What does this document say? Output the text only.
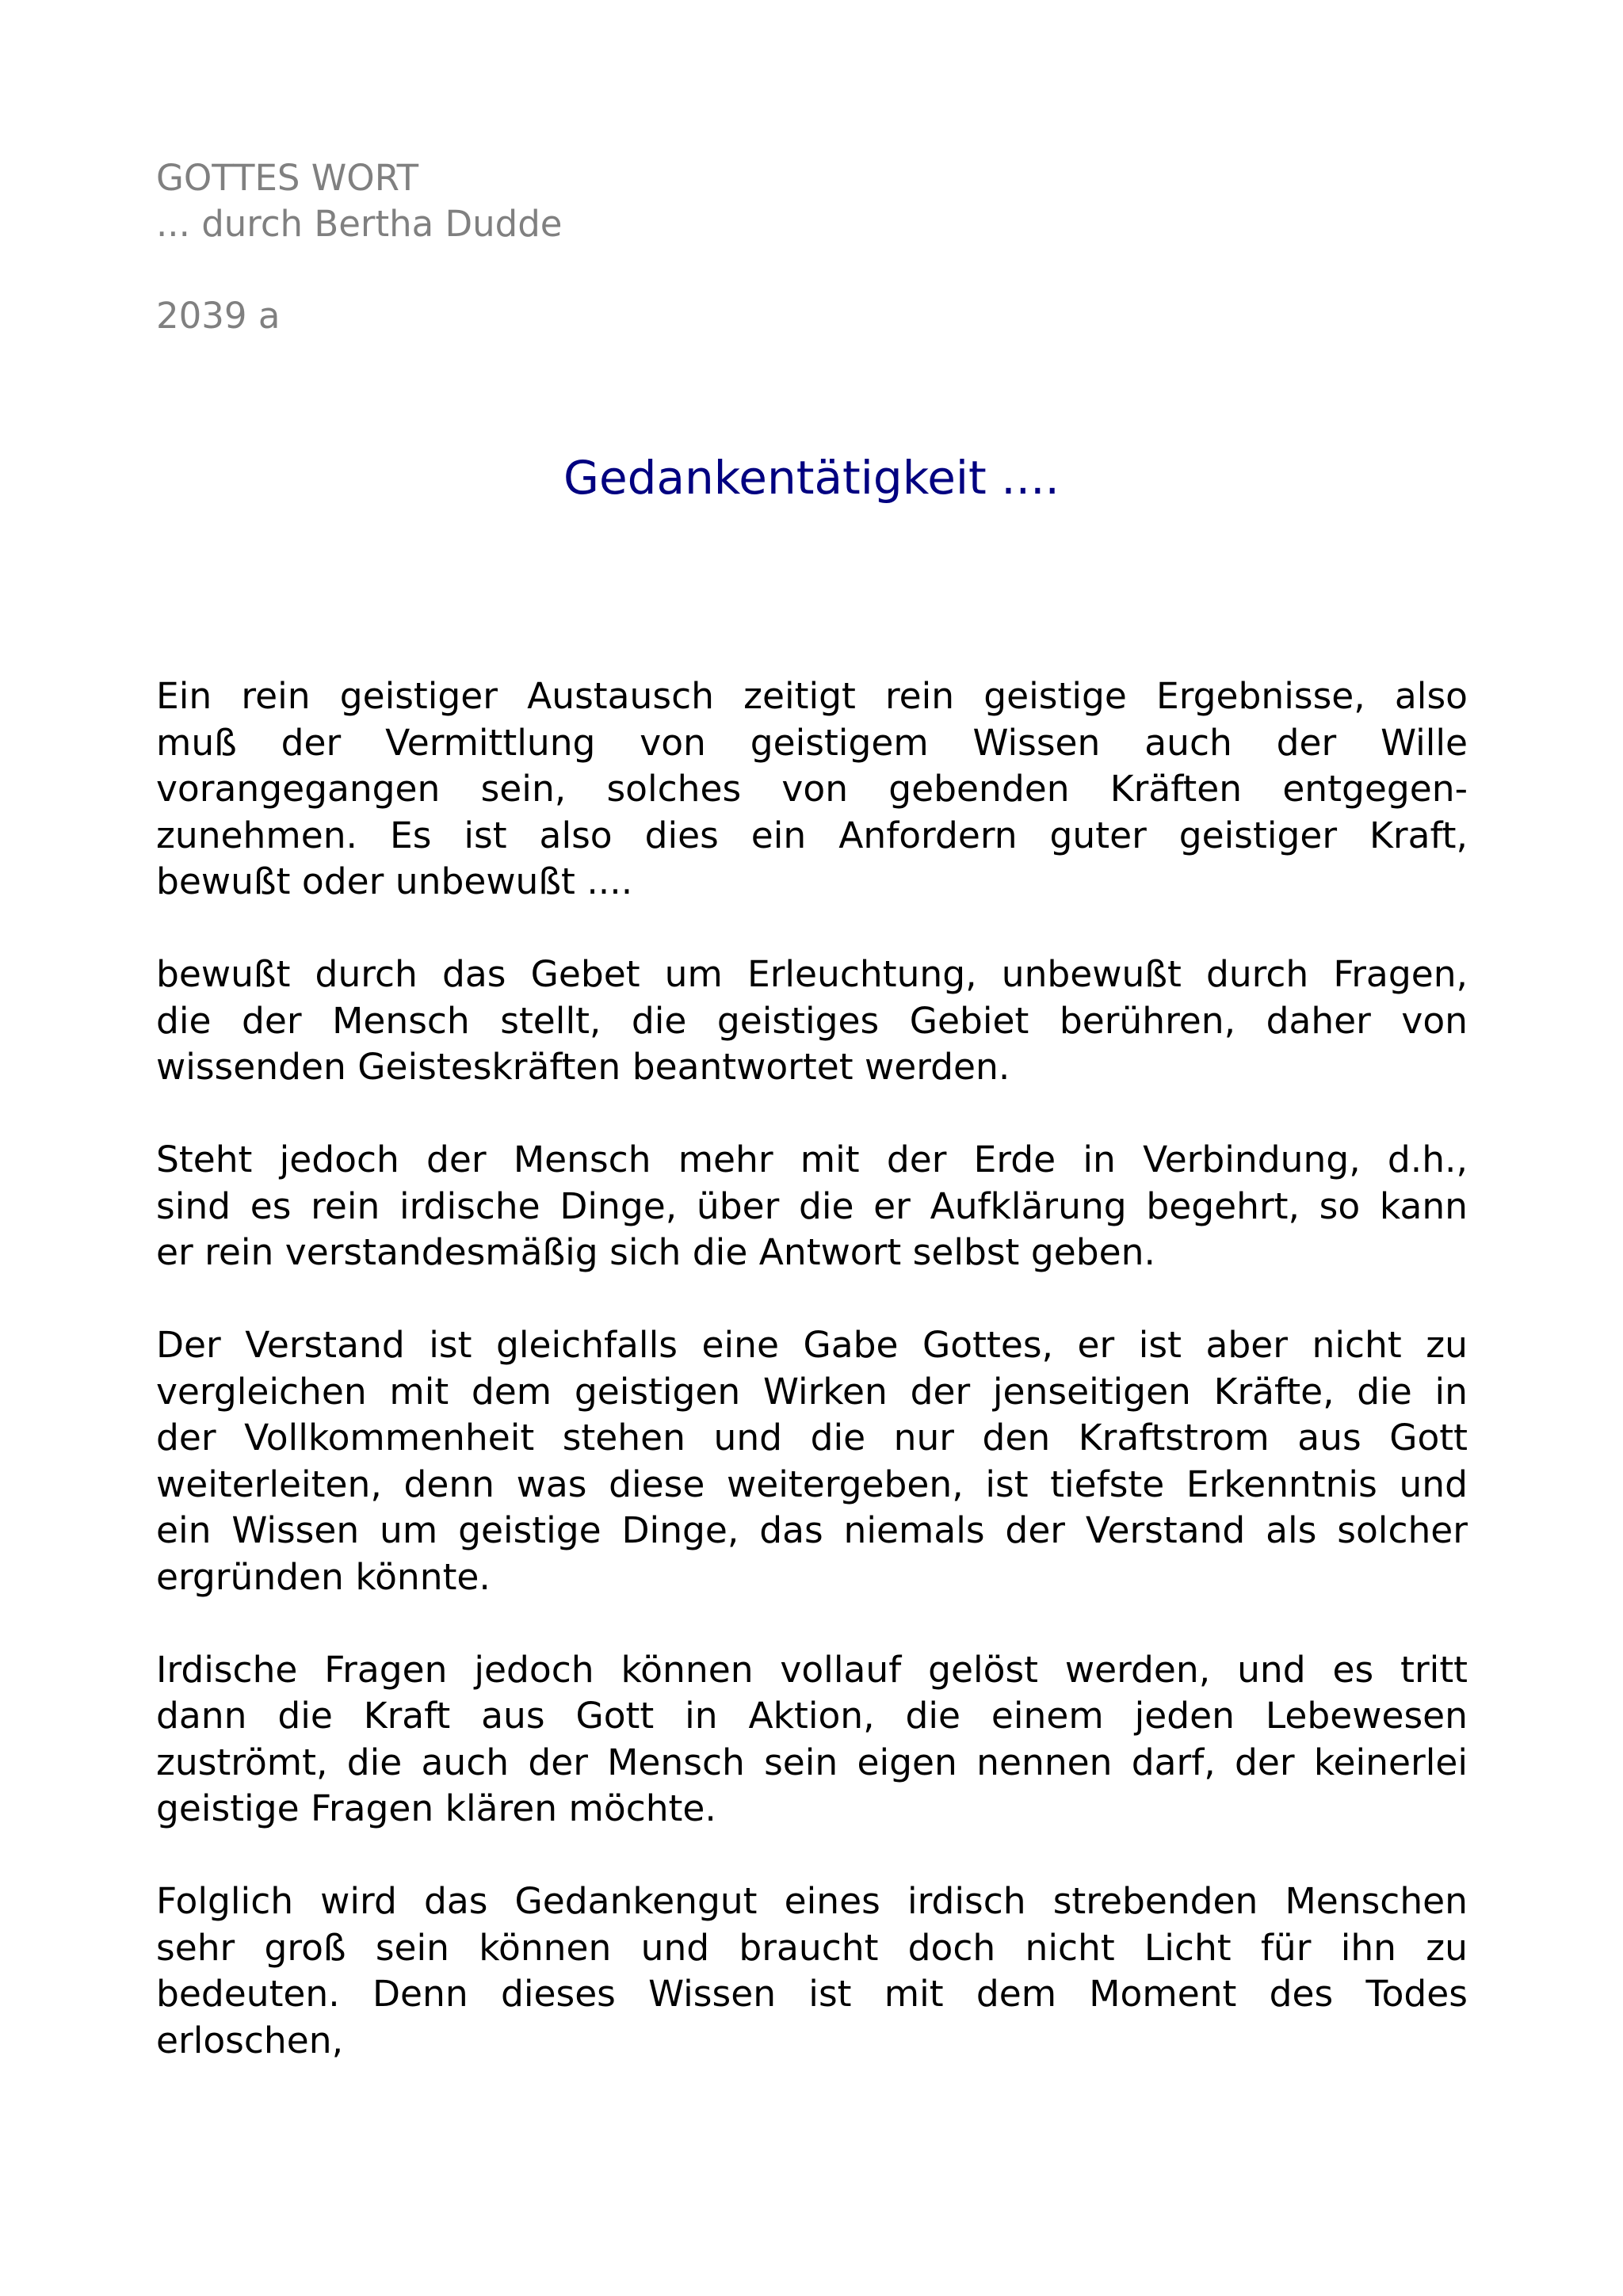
GOTTES WORT
... durch Bertha Dudde
2039 a
Gedankentätigkeit ....
Ein rein geistiger Austausch zeitigt rein geistige Ergebnisse, also
muß der Vermittlung von geistigem Wissen auch der Wille
vorangegangen sein, solches von gebenden Kräften entgegen-
zunehmen. Es ist also dies ein Anfordern guter geistiger Kraft,
bewußt oder unbewußt ....
bewußt durch das Gebet um Erleuchtung, unbewußt durch Fragen,
die der Mensch stellt, die geistiges Gebiet berühren, daher von
wissenden Geisteskräften beantwortet werden.
Steht jedoch der Mensch mehr mit der Erde in Verbindung, d.h.,
sind es rein irdische Dinge, über die er Aufklärung begehrt, so kann
er rein verstandesmäßig sich die Antwort selbst geben.
Der Verstand ist gleichfalls eine Gabe Gottes, er ist aber nicht zu
vergleichen mit dem geistigen Wirken der jenseitigen Kräfte, die in
der Vollkommenheit stehen und die nur den Kraftstrom aus Gott
weiterleiten, denn was diese weitergeben, ist tiefste Erkenntnis und
ein Wissen um geistige Dinge, das niemals der Verstand als solcher
ergründen könnte.
Irdische Fragen jedoch können vollauf gelöst werden, und es tritt
dann die Kraft aus Gott in Aktion, die einem jeden Lebewesen
zuströmt, die auch der Mensch sein eigen nennen darf, der keinerlei
geistige Fragen klären möchte.
Folglich wird das Gedankengut eines irdisch strebenden Menschen
sehr groß sein können und braucht doch nicht Licht für ihn zu
bedeuten. Denn dieses Wissen ist mit dem Moment des Todes
erloschen,
